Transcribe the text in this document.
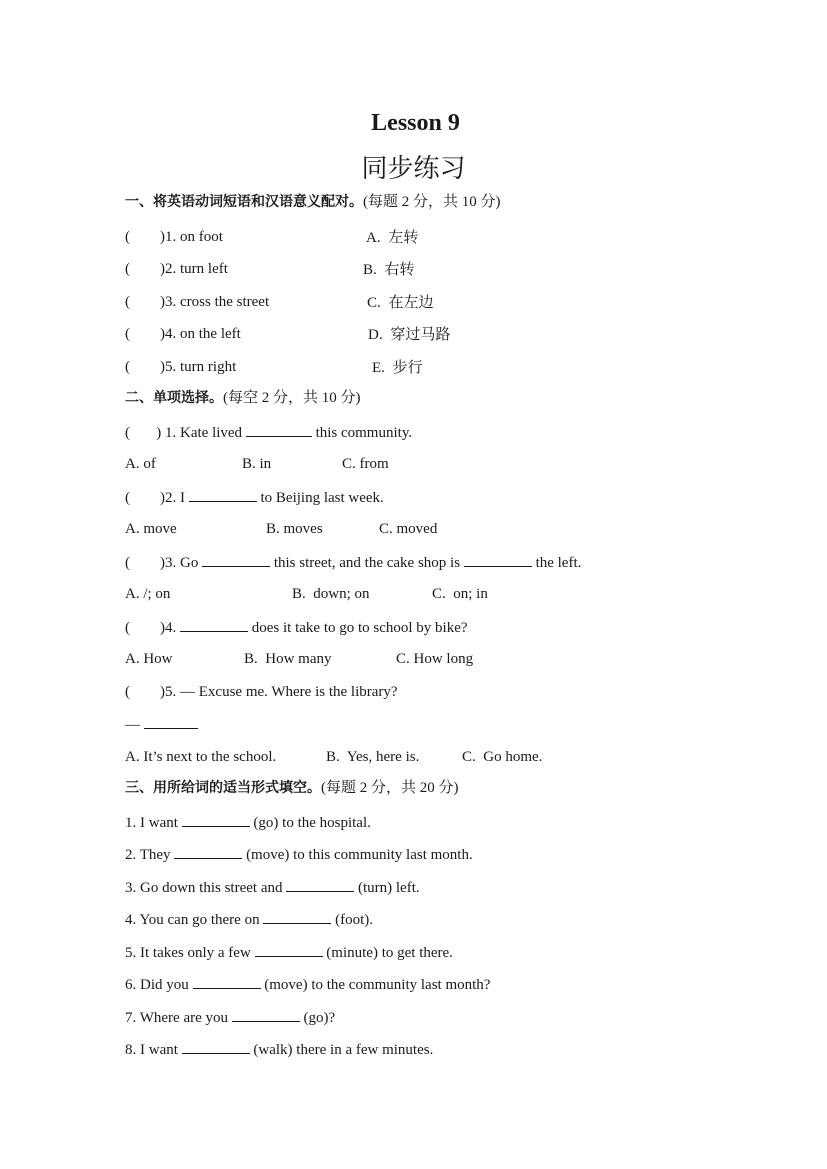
Lesson 9
同步练习
一、将英语动词短语和汉语意义配对。(每题 2 分，共 10 分)
(        )1. on foot	A. 左转
(        )2. turn left	B. 右转
(        )3. cross the street	C. 在左边
(        )4. on the left	D. 穿过马路
(        )5. turn right	E. 步行
二、单项选择。(每空 2 分，共 10 分)
(       ) 1. Kate lived	this community.
A. of	B. in	C. from
(        )2. I	to Beijing last week.
A. move	B. moves	C. moved
(        )3. Go	this street, and the cake shop is	the left.
A. /; on	B.  down; on	C.  on; in
(        )4.	does it take to go to school by bike?
A. How	B.  How many	C. How long
(        )5. — Excuse me. Where is the library?
—
A. It’s next to the school.	B.  Yes, here is.	C.  Go home.
三、用所给词的适当形式填空。(每题 2 分，共 20 分)
1. I want	(go) to the hospital.
2. They	(move) to this community last month.
3. Go down this street and	(turn) left.
4. You can go there on	(foot).
5. It takes only a few	(minute) to get there.
6. Did you	(move) to the community last month?
7. Where are you	(go)?
8. I want	(walk) there in a few minutes.
